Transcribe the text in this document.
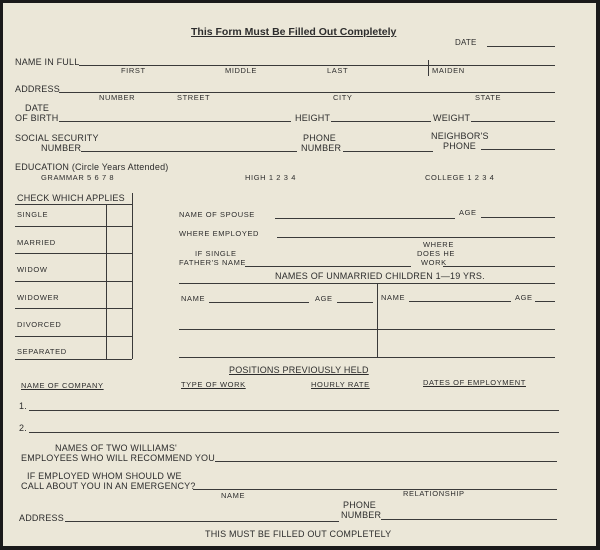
This Form Must Be Filled Out Completely
DATE
NAME IN FULL
FIRST	MIDDLE	LAST	MAIDEN
ADDRESS
NUMBER	STREET	CITY	STATE
DATE
OF BIRTH	HEIGHT	WEIGHT
SOCIAL SECURITY
NUMBER
PHONE
NUMBER
NEIGHBOR'S
PHONE
EDUCATION (Circle Years Attended)
GRAMMAR 5 6 7 8	HIGH 1 2 3 4	COLLEGE 1 2 3 4
CHECK WHICH APPLIES
SINGLE
MARRIED
WIDOW
WIDOWER
DIVORCED
SEPARATED
NAME OF SPOUSE	AGE
WHERE EMPLOYED
IF SINGLE
FATHER'S NAME
WHERE
DOES HE
WORK
NAMES OF UNMARRIED CHILDREN 1—19 YRS.
NAME	AGE	NAME	AGE
POSITIONS PREVIOUSLY HELD
NAME OF COMPANY	TYPE OF WORK	HOURLY RATE	DATES OF EMPLOYMENT
1.
2.
NAMES OF TWO WILLIAMS'
EMPLOYEES WHO WILL RECOMMEND YOU
IF EMPLOYED WHOM SHOULD WE
CALL ABOUT YOU IN AN EMERGENCY?
NAME	RELATIONSHIP
PHONE
NUMBER
ADDRESS
THIS MUST BE FILLED OUT COMPLETELY
